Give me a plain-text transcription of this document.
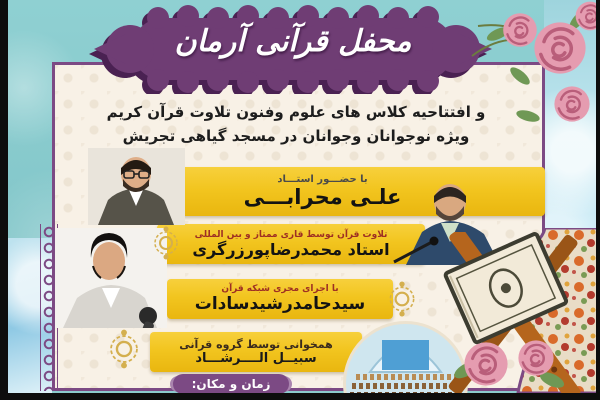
و افتتاحیه کلاس های علوم وفنون تلاوت قرآن کریم
ویژه نوجوانان وجوانان در مسجد گیاهی تجریش
با حضـــور استـــاد
علـی محرابـــی
تلاوت قرآن توسط قاری ممتاز و بین المللی
استاد محمدرضاپورزرگری
با اجرای مجری شبکه قرآن
سیدحامدرشیدسادات
همخوانی توسط گروه قرآنی
سبیــل الــــرشـــاد
محفل قرآنی آرمان
زمان و مکان:
